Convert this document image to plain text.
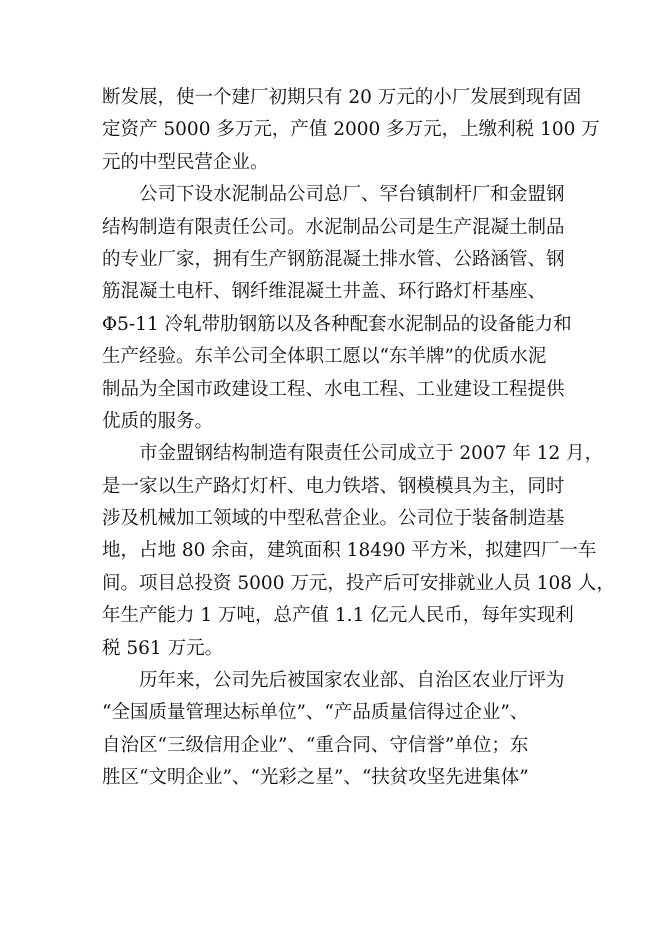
断发展，使一个建厂初期只有 20 万元的小厂发展到现有固
定资产 5000 多万元，产值 2000 多万元，上缴利税 100 万
元的中型民营企业。
公司下设水泥制品公司总厂、罕台镇制杆厂和金盟钢
结构制造有限责任公司。水泥制品公司是生产混凝土制品
的专业厂家，拥有生产钢筋混凝土排水管、公路涵管、钢
筋混凝土电杆、钢纤维混凝土井盖、环行路灯杆基座、
Φ5-11 冷轧带肋钢筋以及各种配套水泥制品的设备能力和
生产经验。东羊公司全体职工愿以“东羊牌”的优质水泥
制品为全国市政建设工程、水电工程、工业建设工程提供
优质的服务。
市金盟钢结构制造有限责任公司成立于 2007 年 12 月，
是一家以生产路灯灯杆、电力铁塔、钢模模具为主，同时
涉及机械加工领域的中型私营企业。公司位于装备制造基
地，占地 80 余亩，建筑面积 18490 平方米，拟建四厂一车
间。项目总投资 5000 万元，投产后可安排就业人员 108 人，
年生产能力 1 万吨，总产值 1.1 亿元人民币，每年实现利
税 561 万元。
历年来，公司先后被国家农业部、自治区农业厅评为
“全国质量管理达标单位”、“产品质量信得过企业”、
自治区“三级信用企业”、“重合同、守信誉”单位；东
胜区“文明企业”、“光彩之星”、“扶贫攻坚先进集体”
